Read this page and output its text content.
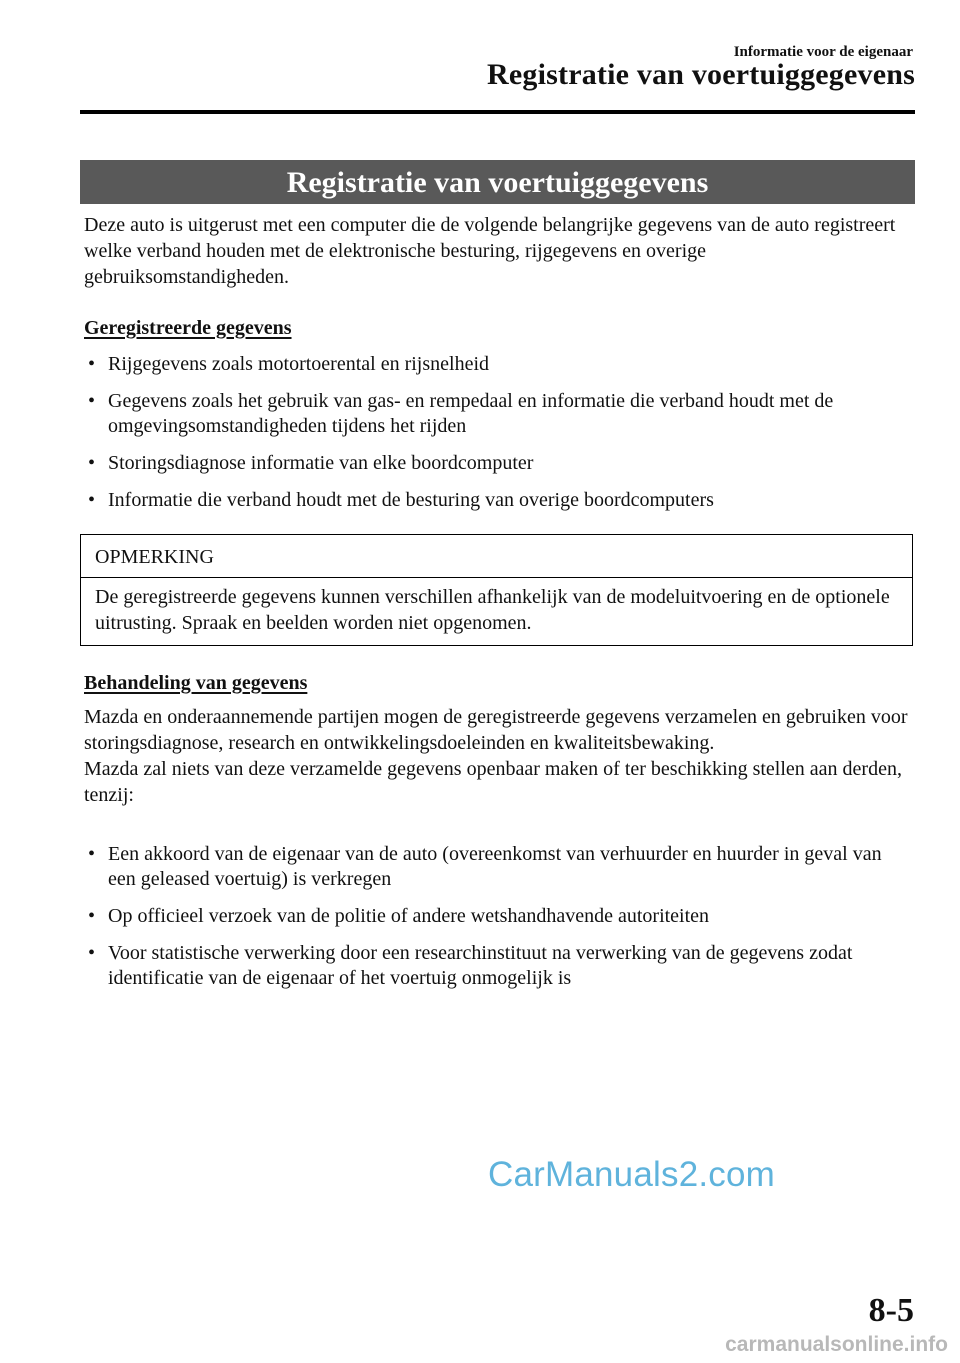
Informatie voor de eigenaar

Registratie van voertuiggegevens

Registratie van voertuiggegevens

Deze auto is uitgerust met een computer die de volgende belangrijke gegevens van de auto registreert welke verband houden met de elektronische besturing, rijgegevens en overige gebruiksomstandigheden.

Geregistreerde gegevens

• Rijgegevens zoals motortoerental en rijsnelheid
• Gegevens zoals het gebruik van gas- en rempedaal en informatie die verband houdt met de omgevingsomstandigheden tijdens het rijden
• Storingsdiagnose informatie van elke boordcomputer
• Informatie die verband houdt met de besturing van overige boordcomputers
OPMERKING

De geregistreerde gegevens kunnen verschillen afhankelijk van de modeluitvoering en de optionele uitrusting. Spraak en beelden worden niet opgenomen.

Behandeling van gegevens

Mazda en onderaannemende partijen mogen de geregistreerde gegevens verzamelen en gebruiken voor storingsdiagnose, research en ontwikkelingsdoeleinden en kwaliteitsbewaking.

Mazda zal niets van deze verzamelde gegevens openbaar maken of ter beschikking stellen aan derden, tenzij:

• Een akkoord van de eigenaar van de auto (overeenkomst van verhuurder en huurder in geval van een geleased voertuig) is verkregen
• Op officieel verzoek van de politie of andere wetshandhavende autoriteiten
• Voor statistische verwerking door een researchinstituut na verwerking van de gegevens zodat identificatie van de eigenaar of het voertuig onmogelijk is
CarManuals2.com

8-5

carmanualsonline.info
